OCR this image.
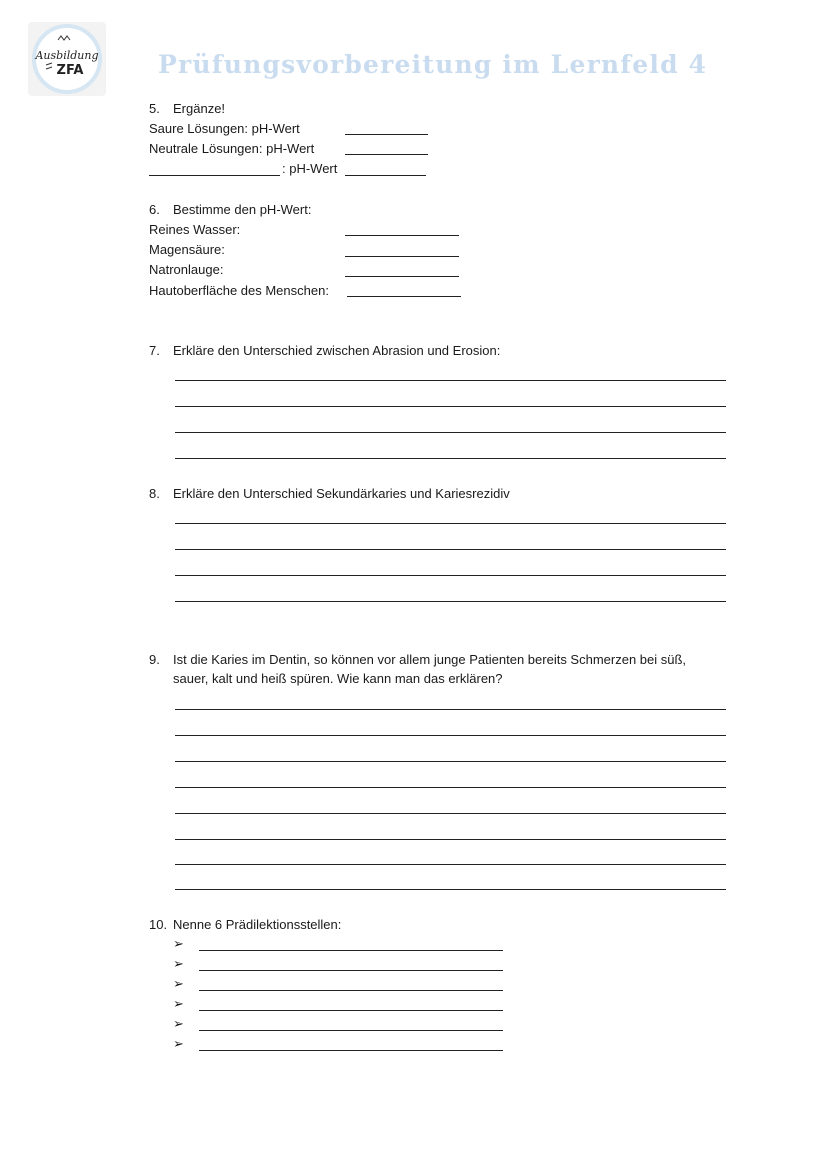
Ausbildung
ZFA	Prüfungsvorbereitung im Lernfeld 4
5. Ergänze!
Saure Lösungen: pH-Wert
Neutrale Lösungen: pH-Wert
: pH-Wert
6. Bestimme den pH-Wert:
Reines Wasser:
Magensäure:
Natronlauge:
Hautoberfläche des Menschen:
7. Erkläre den Unterschied zwischen Abrasion und Erosion:
8. Erkläre den Unterschied Sekundärkaries und Kariesrezidiv
9. Ist die Karies im Dentin, so können vor allem junge Patienten bereits Schmerzen bei süß,
sauer, kalt und heiß spüren. Wie kann man das erklären?
10. Nenne 6 Prädilektionsstellen:
➢
➢
➢
➢
➢
➢
